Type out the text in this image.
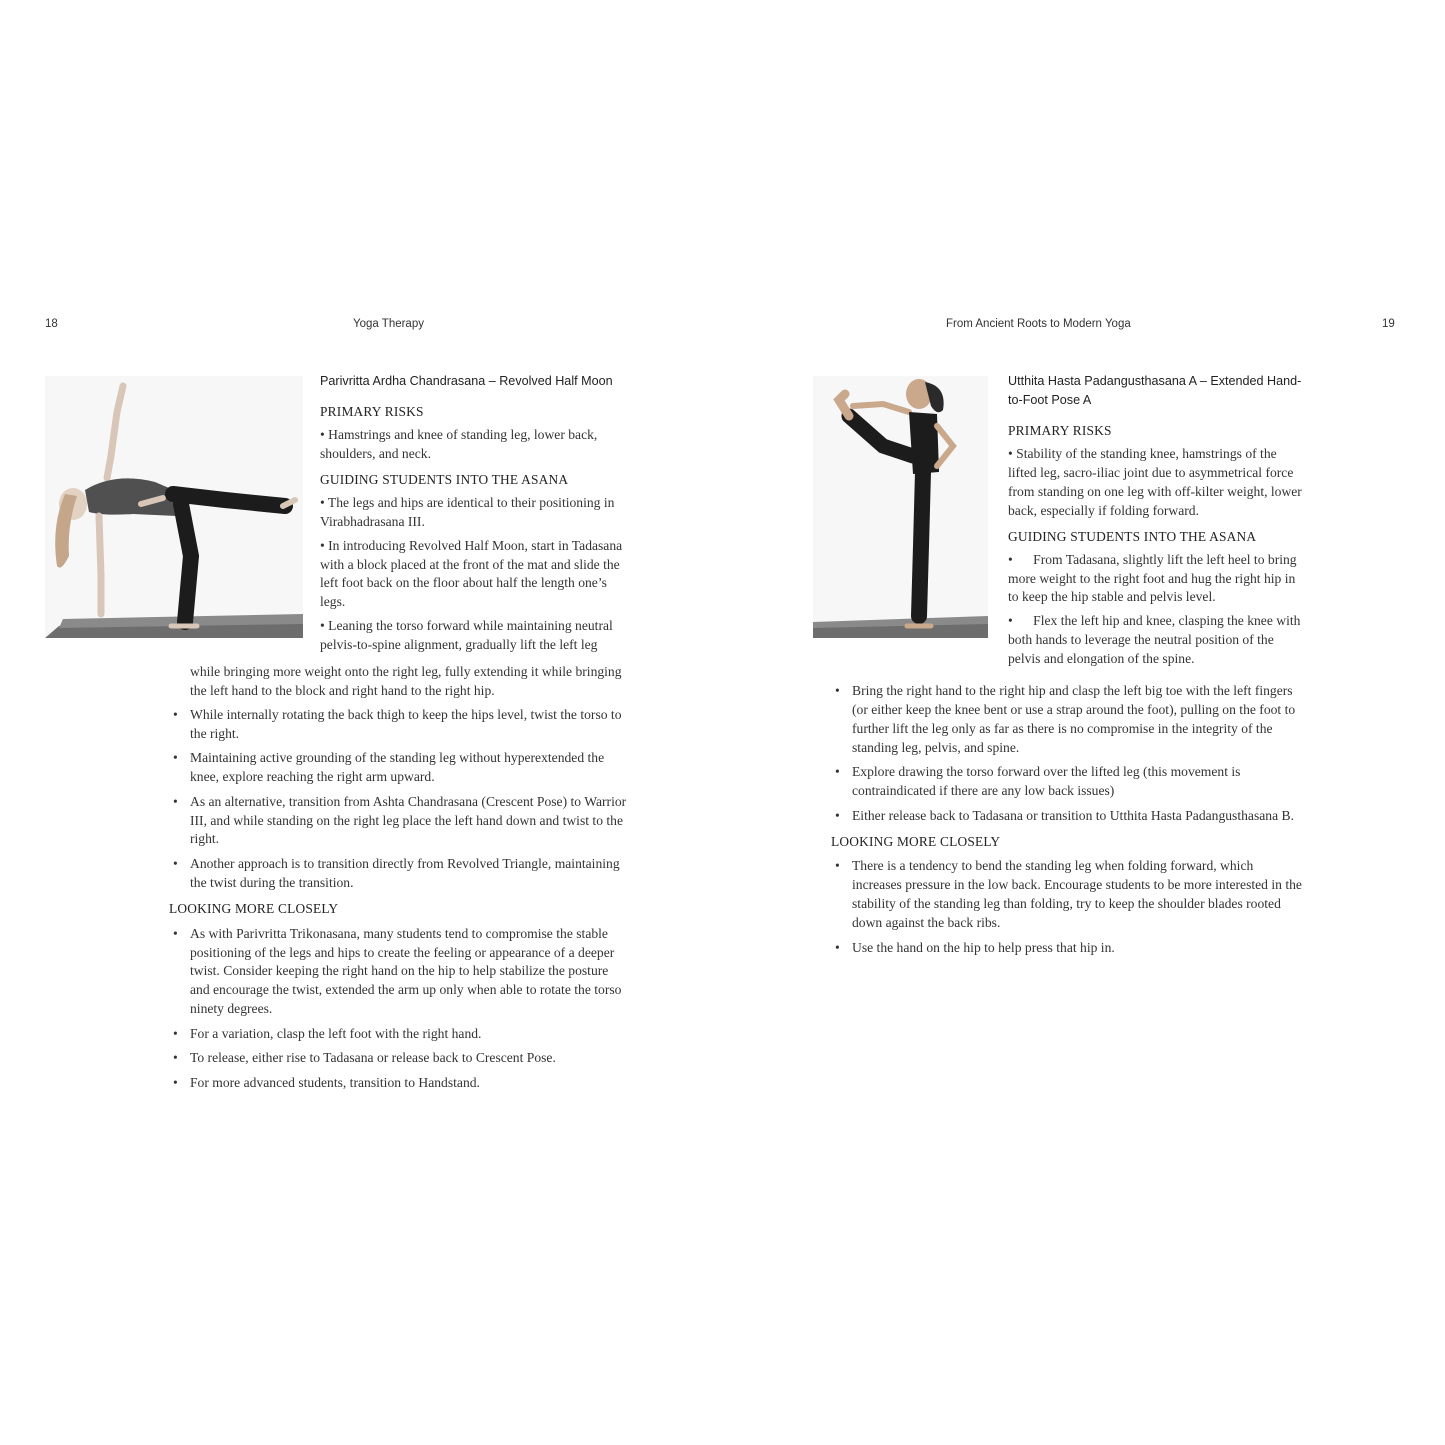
18	Yoga Therapy

Parivritta Ardha Chandrasana – Revolved Half Moon

PRIMARY RISKS

• Hamstrings and knee of standing leg, lower back, shoulders, and neck.

GUIDING STUDENTS INTO THE ASANA

• The legs and hips are identical to their positioning in Virabhadrasana III.

• In introducing Revolved Half Moon, start in Tadasana with a block placed at the front of the mat and slide the left foot back on the floor about half the length one’s legs.

• Leaning the torso forward while maintaining neutral pelvis-to-spine alignment, gradually lift the left leg

while bringing more weight onto the right leg, fully extending it while bringing the left hand to the block and right hand to the right hip.

• While internally rotating the back thigh to keep the hips level, twist the torso to the right.
• Maintaining active grounding of the standing leg without hyperextended the knee, explore reaching the right arm upward.
• As an alternative, transition from Ashta Chandrasana (Crescent Pose) to Warrior III, and while standing on the right leg place the left hand down and twist to the right.
• Another approach is to transition directly from Revolved Triangle, maintaining the twist during the transition.

LOOKING MORE CLOSELY

• As with Parivritta Trikonasana, many students tend to compromise the stable positioning of the legs and hips to create the feeling or appearance of a deeper twist. Consider keeping the right hand on the hip to help stabilize the posture and encourage the twist, extended the arm up only when able to rotate the torso ninety degrees.
• For a variation, clasp the left foot with the right hand.
• To release, either rise to Tadasana or release back to Crescent Pose.
• For more advanced students, transition to Handstand.
From Ancient Roots to Modern Yoga	19

Utthita Hasta Padangusthasana A – Extended Hand-to-Foot Pose A

PRIMARY RISKS

• Stability of the standing knee, hamstrings of the lifted leg, sacro-iliac joint due to asymmetrical force from standing on one leg with off-kilter weight, lower back, especially if folding forward.

GUIDING STUDENTS INTO THE ASANA

•      From Tadasana, slightly lift the left heel to bring more weight to the right foot and hug the right hip in to keep the hip stable and pelvis level.

•      Flex the left hip and knee, clasping the knee with both hands to leverage the neutral position of the pelvis and elongation of the spine.

• Bring the right hand to the right hip and clasp the left big toe with the left fingers (or either keep the knee bent or use a strap around the foot), pulling on the foot to further lift the leg only as far as there is no compromise in the integrity of the standing leg, pelvis, and spine.
• Explore drawing the torso forward over the lifted leg (this movement is contraindicated if there are any low back issues)
• Either release back to Tadasana or transition to Utthita Hasta Padangusthasana B.

LOOKING MORE CLOSELY

• There is a tendency to bend the standing leg when folding forward, which increases pressure in the low back. Encourage students to be more interested in the stability of the standing leg than folding, try to keep the shoulder blades rooted down against the back ribs.
• Use the hand on the hip to help press that hip in.
